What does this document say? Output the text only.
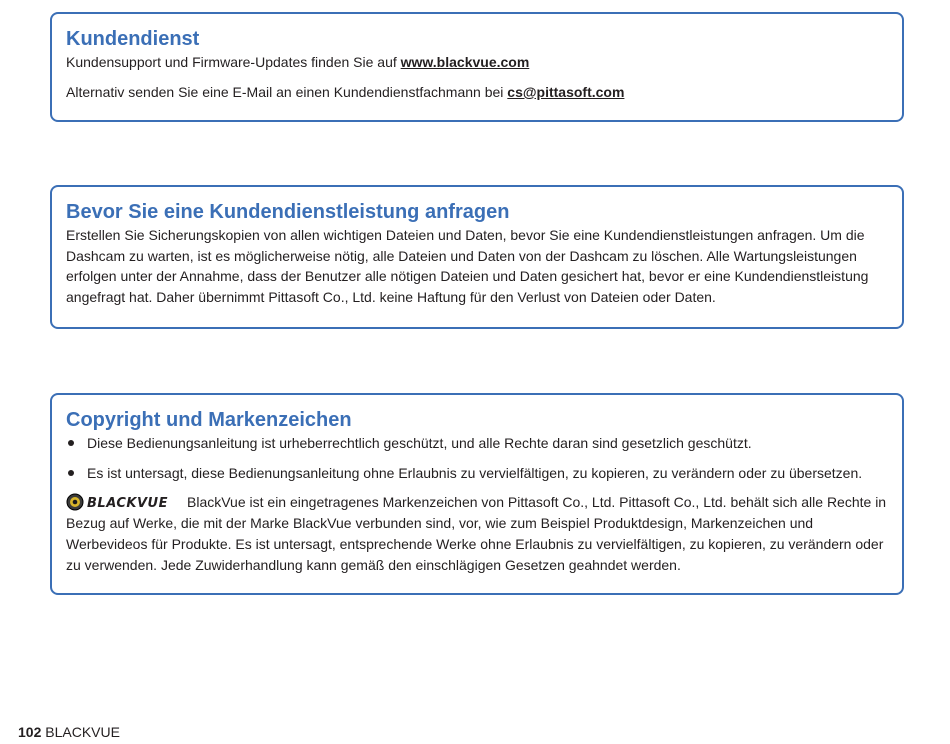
Kundendienst

Kundensupport und Firmware-Updates finden Sie auf www.blackvue.com

Alternativ senden Sie eine E-Mail an einen Kundendienstfachmann bei cs@pittasoft.com

Bevor Sie eine Kundendienstleistung anfragen

Erstellen Sie Sicherungskopien von allen wichtigen Dateien und Daten, bevor Sie eine Kundendienstleistungen anfragen. Um die Dashcam zu warten, ist es möglicherweise nötig, alle Dateien und Daten von der Dashcam zu löschen. Alle Wartungsleistungen erfolgen unter der Annahme, dass der Benutzer alle nötigen Dateien und Daten gesichert hat, bevor er eine Kundendienstleistung angefragt hat. Daher übernimmt Pittasoft Co., Ltd. keine Haftung für den Verlust von Dateien oder Daten.

Copyright und Markenzeichen

Diese Bedienungsanleitung ist urheberrechtlich geschützt, und alle Rechte daran sind gesetzlich geschützt.

Es ist untersagt, diese Bedienungsanleitung ohne Erlaubnis zu vervielfältigen, zu kopieren, zu verändern oder zu übersetzen.

BLACKVUE BlackVue ist ein eingetragenes Markenzeichen von Pittasoft Co., Ltd. Pittasoft Co., Ltd. behält sich alle Rechte in Bezug auf Werke, die mit der Marke BlackVue verbunden sind, vor, wie zum Beispiel Produktdesign, Markenzeichen und Werbevideos für Produkte. Es ist untersagt, entsprechende Werke ohne Erlaubnis zu vervielfältigen, zu kopieren, zu verändern oder zu verwenden. Jede Zuwiderhandlung kann gemäß den einschlägigen Gesetzen geahndet werden.

102 BLACKVUE
